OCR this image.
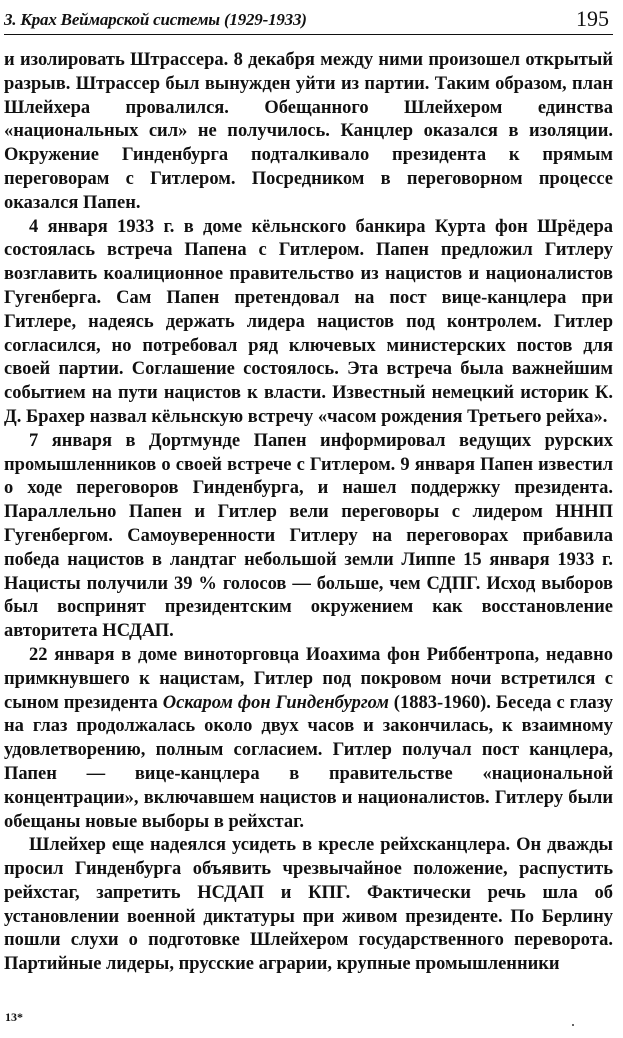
3. Крах Веймарской системы (1929-1933)	195

и изолировать Штрассера. 8 декабря между ними произошел открытый разрыв. Штрассер был вынужден уйти из партии. Таким образом, план Шлейхера провалился. Обещанного Шлейхером единства «национальных сил» не получилось. Канцлер оказался в изоляции. Окружение Гинденбурга подталкивало президента к прямым переговорам с Гитлером. Посредником в переговорном процессе оказался Папен.

4 января 1933 г. в доме кёльнского банкира Курта фон Шрёдера состоялась встреча Папена с Гитлером. Папен предложил Гитлеру возглавить коалиционное правительство из нацистов и националистов Гугенберга. Сам Папен претендовал на пост вице-канцлера при Гитлере, надеясь держать лидера нацистов под контролем. Гитлер согласился, но потребовал ряд ключевых министерских постов для своей партии. Соглашение состоялось. Эта встреча была важнейшим событием на пути нацистов к власти. Известный немецкий историк К. Д. Брахер назвал кёльнскую встречу «часом рождения Третьего рейха».

7 января в Дортмунде Папен информировал ведущих рурских промышленников о своей встрече с Гитлером. 9 января Папен известил о ходе переговоров Гинденбурга, и нашел поддержку президента. Параллельно Папен и Гитлер вели переговоры с лидером НННП Гугенбергом. Самоуверенности Гитлеру на переговорах прибавила победа нацистов в ландтаг небольшой земли Липпе 15 января 1933 г. Нацисты получили 39 % голосов — больше, чем СДПГ. Исход выборов был воспринят президентским окружением как восстановление авторитета НСДАП.

22 января в доме виноторговца Иоахима фон Риббентропа, недавно примкнувшего к нацистам, Гитлер под покровом ночи встретился с сыном президента Оскаром фон Гинденбургом (1883-1960). Беседа с глазу на глаз продолжалась около двух часов и закончилась, к взаимному удовлетворению, полным согласием. Гитлер получал пост канцлера, Папен — вице-канцлера в правительстве «национальной концентрации», включавшем нацистов и националистов. Гитлеру были обещаны новые выборы в рейхстаг.

Шлейхер еще надеялся усидеть в кресле рейхсканцлера. Он дважды просил Гинденбурга объявить чрезвычайное положение, распустить рейхстаг, запретить НСДАП и КПГ. Фактически речь шла об установлении военной диктатуры при живом президенте. По Берлину пошли слухи о подготовке Шлейхером государственного переворота. Партийные лидеры, прусские аграрии, крупные промышленники

13*
